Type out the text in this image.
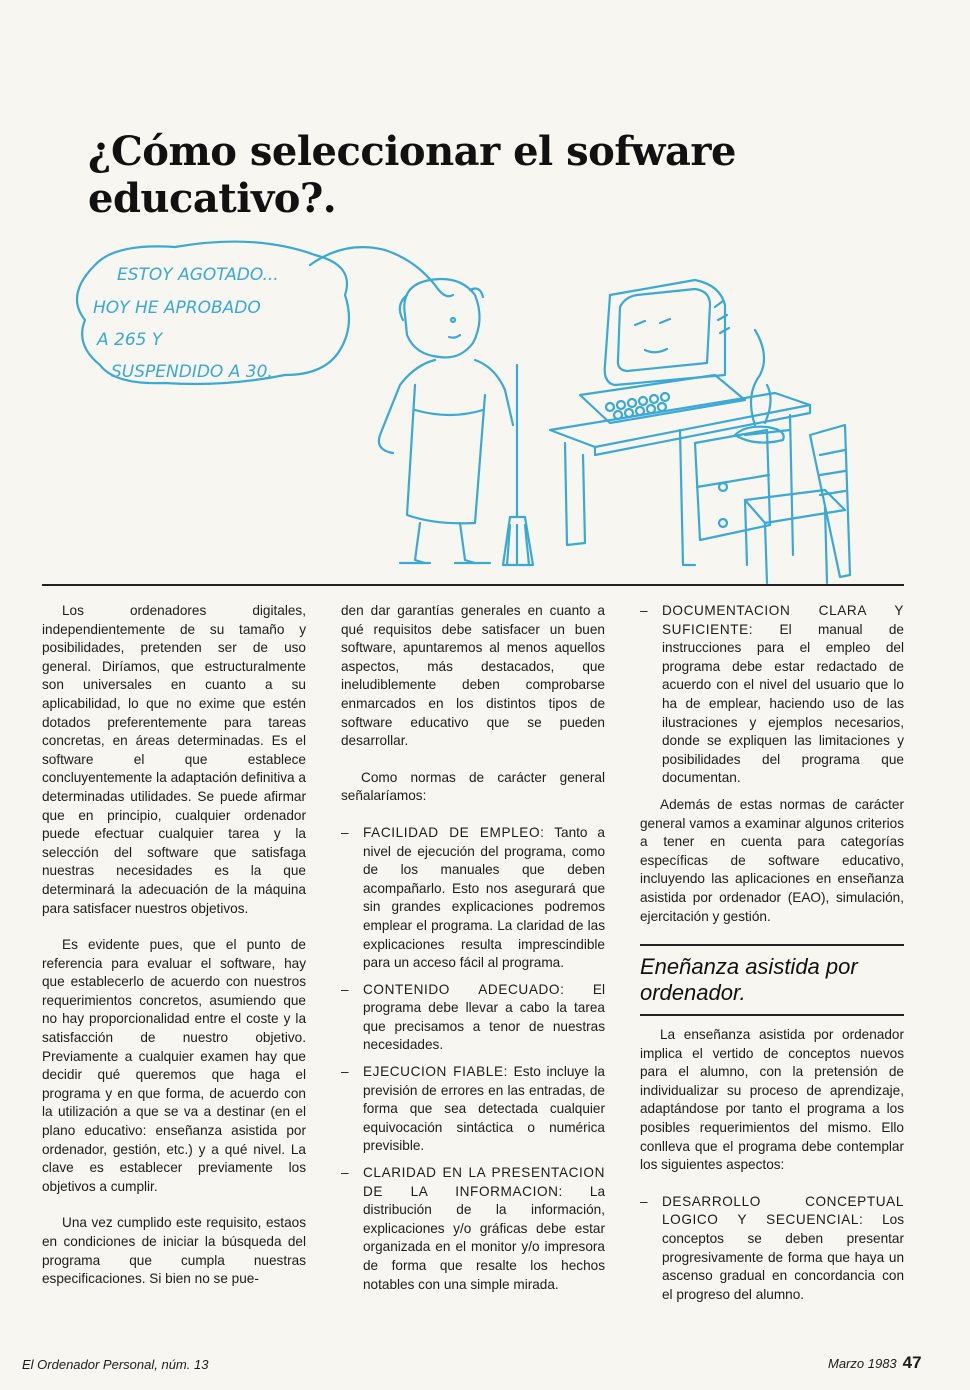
¿Cómo seleccionar el sofware educativo?.
ESTOY AGOTADO...
HOY HE APROBADO
A 265 Y
SUSPENDIDO A 30.

Los ordenadores digitales, independientemente de su tamaño y posibilidades, pretenden ser de uso general. Diríamos, que estructuralmente son universales en cuanto a su aplicabilidad, lo que no exime que estén dotados preferentemente para tareas concretas, en áreas determinadas. Es el software el que establece concluyentemente la adaptación definitiva a determinadas utilidades. Se puede afirmar que en principio, cualquier ordenador puede efectuar cualquier tarea y la selección del software que satisfaga nuestras necesidades es la que determinará la adecuación de la máquina para satisfacer nuestros objetivos.

Es evidente pues, que el punto de referencia para evaluar el software, hay que establecerlo de acuerdo con nuestros requerimientos concretos, asumiendo que no hay proporcionalidad entre el coste y la satisfacción de nuestro objetivo. Previamente a cualquier examen hay que decidir qué queremos que haga el programa y en que forma, de acuerdo con la utilización a que se va a destinar (en el plano educativo: enseñanza asistida por ordenador, gestión, etc.) y a qué nivel. La clave es establecer previamente los objetivos a cumplir.

Una vez cumplido este requisito, estaos en condiciones de iniciar la búsqueda del programa que cumpla nuestras especificaciones. Si bien no se pue-

den dar garantías generales en cuanto a qué requisitos debe satisfacer un buen software, apuntaremos al menos aquellos aspectos, más destacados, que ineludiblemente deben comprobarse enmarcados en los distintos tipos de software educativo que se pueden desarrollar.

Como normas de carácter general señalaríamos:

–	FACILIDAD DE EMPLEO: Tanto a nivel de ejecución del programa, como de los manuales que deben acompañarlo. Esto nos asegurará que sin grandes explicaciones podremos emplear el programa. La claridad de las explicaciones resulta imprescindible para un acceso fácil al programa.
–	CONTENIDO ADECUADO: El programa debe llevar a cabo la tarea que precisamos a tenor de nuestras necesidades.
–	EJECUCION FIABLE: Esto incluye la previsión de errores en las entradas, de forma que sea detectada cualquier equivocación sintáctica o numérica previsible.
–	CLARIDAD EN LA PRESENTACION DE LA INFORMACION: La distribución de la información, explicaciones y/o gráficas debe estar organizada en el monitor y/o impresora de forma que resalte los hechos notables con una simple mirada.
–	DOCUMENTACION CLARA Y SUFICIENTE: El manual de instrucciones para el empleo del programa debe estar redactado de acuerdo con el nivel del usuario que lo ha de emplear, haciendo uso de las ilustraciones y ejemplos necesarios, donde se expliquen las limitaciones y posibilidades del programa que documentan.

Además de estas normas de carácter general vamos a examinar algunos criterios a tener en cuenta para categorías específicas de software educativo, incluyendo las aplicaciones en enseñanza asistida por ordenador (EAO), simulación, ejercitación y gestión.

Eneñanza asistida por ordenador.

La enseñanza asistida por ordenador implica el vertido de conceptos nuevos para el alumno, con la pretensión de individualizar su proceso de aprendizaje, adaptándose por tanto el programa a los posibles requerimientos del mismo. Ello conlleva que el programa debe contemplar los siguientes aspectos:

–	DESARROLLO CONCEPTUAL LOGICO Y SECUENCIAL: Los conceptos se deben presentar progresivamente de forma que haya un ascenso gradual en concordancia con el progreso del alumno.
El Ordenador Personal, núm. 13	Marzo 1983 47
